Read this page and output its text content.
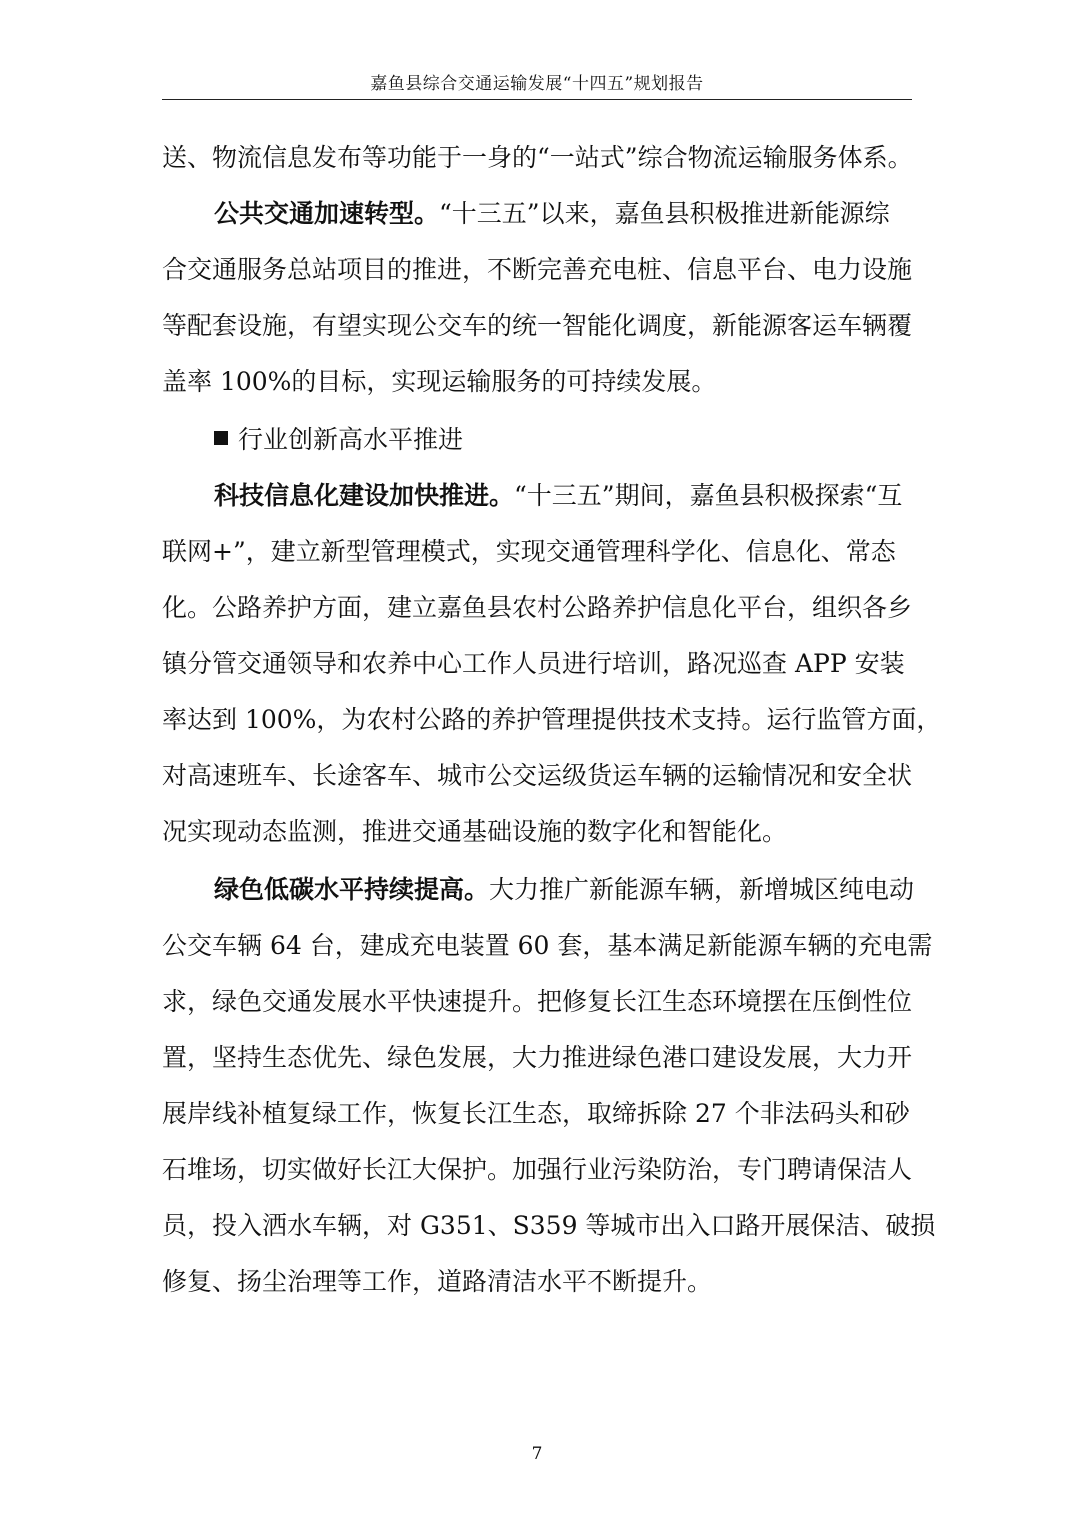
嘉鱼县综合交通运输发展“十四五”规划报告
送、物流信息发布等功能于一身的“一站式”综合物流运输服务体系。
公共交通加速转型。“十三五”以来，嘉鱼县积极推进新能源综
合交通服务总站项目的推进，不断完善充电桩、信息平台、电力设施
等配套设施，有望实现公交车的统一智能化调度，新能源客运车辆覆
盖率 100%的目标，实现运输服务的可持续发展。
行业创新高水平推进
科技信息化建设加快推进。“十三五”期间，嘉鱼县积极探索“互
联网+”，建立新型管理模式，实现交通管理科学化、信息化、常态
化。公路养护方面，建立嘉鱼县农村公路养护信息化平台，组织各乡
镇分管交通领导和农养中心工作人员进行培训，路况巡查 APP 安装
率达到 100%，为农村公路的养护管理提供技术支持。运行监管方面，
对高速班车、长途客车、城市公交运级货运车辆的运输情况和安全状
况实现动态监测，推进交通基础设施的数字化和智能化。
绿色低碳水平持续提高。大力推广新能源车辆，新增城区纯电动
公交车辆 64 台，建成充电装置 60 套，基本满足新能源车辆的充电需
求，绿色交通发展水平快速提升。把修复长江生态环境摆在压倒性位
置，坚持生态优先、绿色发展，大力推进绿色港口建设发展，大力开
展岸线补植复绿工作，恢复长江生态，取缔拆除 27 个非法码头和砂
石堆场，切实做好长江大保护。加强行业污染防治，专门聘请保洁人
员，投入洒水车辆，对 G351、S359 等城市出入口路开展保洁、破损
修复、扬尘治理等工作，道路清洁水平不断提升。
7
